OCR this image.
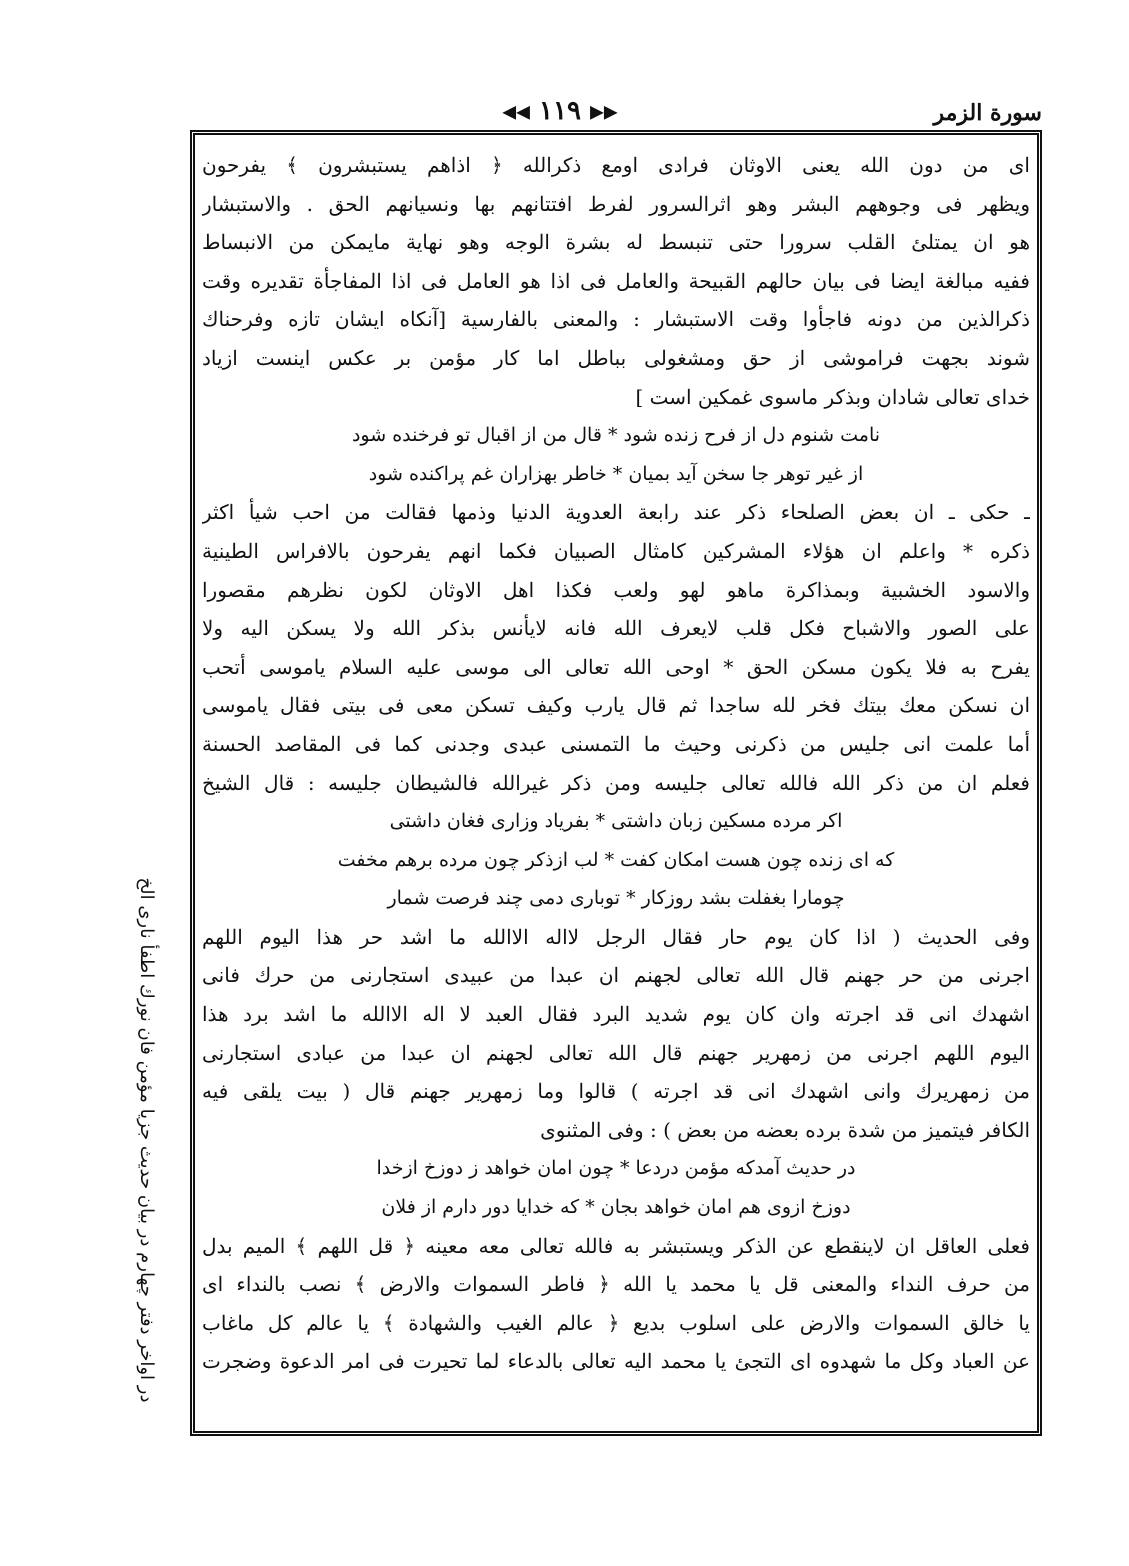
سورة الزمر
◀◀ ١١٩ ▶▶
اى من دون الله يعنى الاوثان فرادى اومع ذكرالله ﴿ اذاهم يستبشرون ﴾ يفرحون
ويظهر فى وجوههم البشر وهو اثرالسرور لفرط افتتانهم بها ونسيانهم الحق . والاستبشار
هو ان يمتلئ القلب سرورا حتى تنبسط له بشرة الوجه وهو نهاية مايمكن من الانبساط
ففيه مبالغة ايضا فى بيان حالهم القبيحة والعامل فى اذا هو العامل فى اذا المفاجأة تقديره وقت
ذكرالذين من دونه فاجأوا وقت الاستبشار : والمعنى بالفارسية [آنكاه ايشان تازه وفرحناك
شوند بجهت فراموشى از حق ومشغولى بباطل اما كار مؤمن بر عكس اينست ازياد
خداى تعالى شادان وبذكر ماسوى غمكين است ]
نامت شنوم دل از فرح زنده شود * قال من از اقبال تو فرخنده شود
از غير توهر جا سخن آيد بميان * خاطر بهزاران غم پراكنده شود
ـ حكى ـ ان بعض الصلحاء ذكر عند رابعة العدوية الدنيا وذمها فقالت من احب شيأ اكثر
ذكره * واعلم ان هؤلاء المشركين كامثال الصبيان فكما انهم يفرحون بالافراس الطينية
والاسود الخشبية وبمذاكرة ماهو لهو ولعب فكذا اهل الاوثان لكون نظرهم مقصورا
على الصور والاشباح فكل قلب لايعرف الله فانه لايأنس بذكر الله ولا يسكن اليه ولا
يفرح به فلا يكون مسكن الحق * اوحى الله تعالى الى موسى عليه السلام ياموسى أتحب
ان نسكن معك بيتك فخر لله ساجدا ثم قال يارب وكيف تسكن معى فى بيتى فقال ياموسى
أما علمت انى جليس من ذكرنى وحيث ما التمسنى عبدى وجدنى كما فى المقاصد الحسنة
فعلم ان من ذكر الله فالله تعالى جليسه ومن ذكر غيرالله فالشيطان جليسه : قال الشيخ
اكر مرده مسكين زبان داشتى * بفرياد وزارى فغان داشتى
كه اى زنده چون هست امكان كفت * لب ازذكر چون مرده برهم مخفت
چومارا بغفلت بشد روزكار * توبارى دمى چند فرصت شمار
وفى الحديث ( اذا كان يوم حار فقال الرجل لااله الاالله ما اشد حر هذا اليوم اللهم
اجرنى من حر جهنم قال الله تعالى لجهنم ان عبدا من عبيدى استجارنى من حرك فانى
اشهدك انى قد اجرته وان كان يوم شديد البرد فقال العبد لا اله الاالله ما اشد برد هذا
اليوم اللهم اجرنى من زمهرير جهنم قال الله تعالى لجهنم ان عبدا من عبادى استجارنى
من زمهريرك وانى اشهدك انى قد اجرته ) قالوا وما زمهرير جهنم قال ( بيت يلقى فيه
الكافر فيتميز من شدة برده بعضه من بعض ) : وفى المثنوى
در حديث آمدكه مؤمن دردعا * چون امان خواهد ز دوزخ ازخدا
دوزخ ازوى هم امان خواهد بجان * كه خدايا دور دارم از فلان
فعلى العاقل ان لاينقطع عن الذكر ويستبشر به فالله تعالى معه معينه ﴿ قل اللهم ﴾ الميم بدل
من حرف النداء والمعنى قل يا محمد يا الله ﴿ فاطر السموات والارض ﴾ نصب بالنداء اى
يا خالق السموات والارض على اسلوب بديع ﴿ عالم الغيب والشهادة ﴾ يا عالم كل ماغاب
عن العباد وكل ما شهدوه اى التجئ يا محمد اليه تعالى بالدعاء لما تحيرت فى امر الدعوة وضجرت
در اواخر دفتر چهارم در بيان حديث جزيا مؤمن فان نورك اطفأ نارى الخ
